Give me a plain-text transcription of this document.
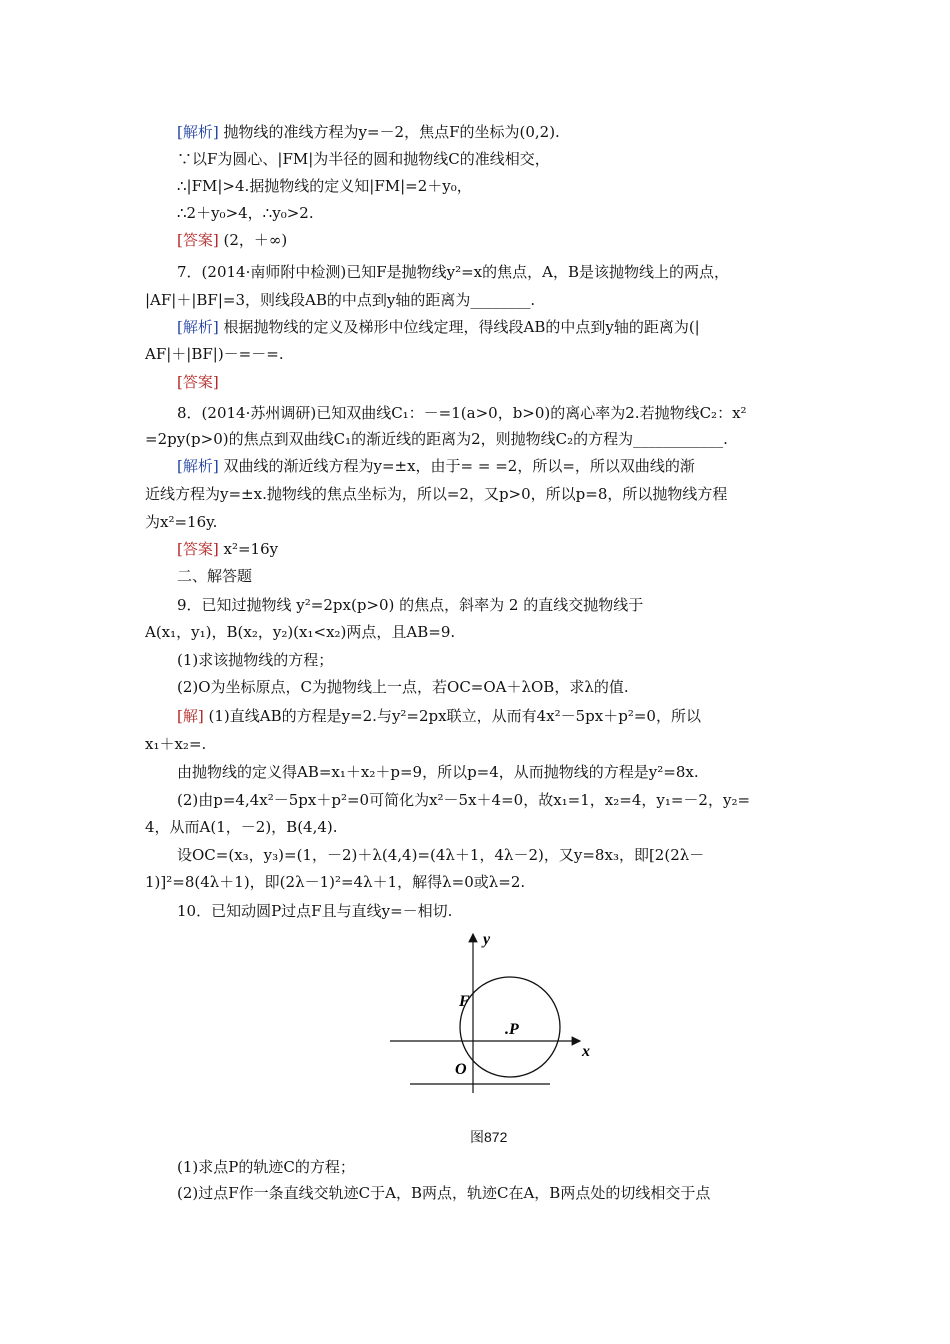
[解析] 抛物线的准线方程为y=－2，焦点F的坐标为(0,2).
∵以F为圆心、|FM|为半径的圆和抛物线C的准线相交，
∴|FM|>4.据抛物线的定义知|FM|=2＋y₀，
∴2＋y₀>4，∴y₀>2.
[答案] (2，＋∞)
7．(2014·南师附中检测)已知F是抛物线y²=x的焦点，A，B是该抛物线上的两点，
|AF|＋|BF|=3，则线段AB的中点到y轴的距离为________.
[解析] 根据抛物线的定义及梯形中位线定理，得线段AB的中点到y轴的距离为(|
AF|＋|BF|)－=－=.
[答案]
8．(2014·苏州调研)已知双曲线C₁：－=1(a>0，b>0)的离心率为2.若抛物线C₂：x²
=2py(p>0)的焦点到双曲线C₁的渐近线的距离为2，则抛物线C₂的方程为____________.
[解析] 双曲线的渐近线方程为y=±x，由于= = =2，所以=，所以双曲线的渐
近线方程为y=±x.抛物线的焦点坐标为，所以=2，又p>0，所以p=8，所以抛物线方程
为x²=16y.
[答案] x²=16y
二、解答题
9．已知过抛物线 y²=2px(p>0) 的焦点，斜率为 2 的直线交抛物线于
A(x₁，y₁)，B(x₂，y₂)(x₁<x₂)两点，且AB=9.
(1)求该抛物线的方程；
(2)O为坐标原点，C为抛物线上一点，若OC=OA＋λOB，求λ的值.
[解] (1)直线AB的方程是y=2.与y²=2px联立，从而有4x²－5px＋p²=0，所以
x₁＋x₂=.
由抛物线的定义得AB=x₁＋x₂＋p=9，所以p=4，从而抛物线的方程是y²=8x.
(2)由p=4,4x²－5px＋p²=0可简化为x²－5x＋4=0，故x₁=1，x₂=4，y₁=－2，y₂=
4，从而A(1，－2)，B(4,4).
设OC=(x₃，y₃)=(1，－2)＋λ(4,4)=(4λ＋1，4λ－2)，又y=8x₃，即[2(2λ－
1)]²=8(4λ＋1)，即(2λ－1)²=4λ＋1，解得λ=0或λ=2.
10．已知动圆P过点F且与直线y=－相切.
y
x
F
O
.P
图872
(1)求点P的轨迹C的方程；
(2)过点F作一条直线交轨迹C于A，B两点，轨迹C在A，B两点处的切线相交于点
